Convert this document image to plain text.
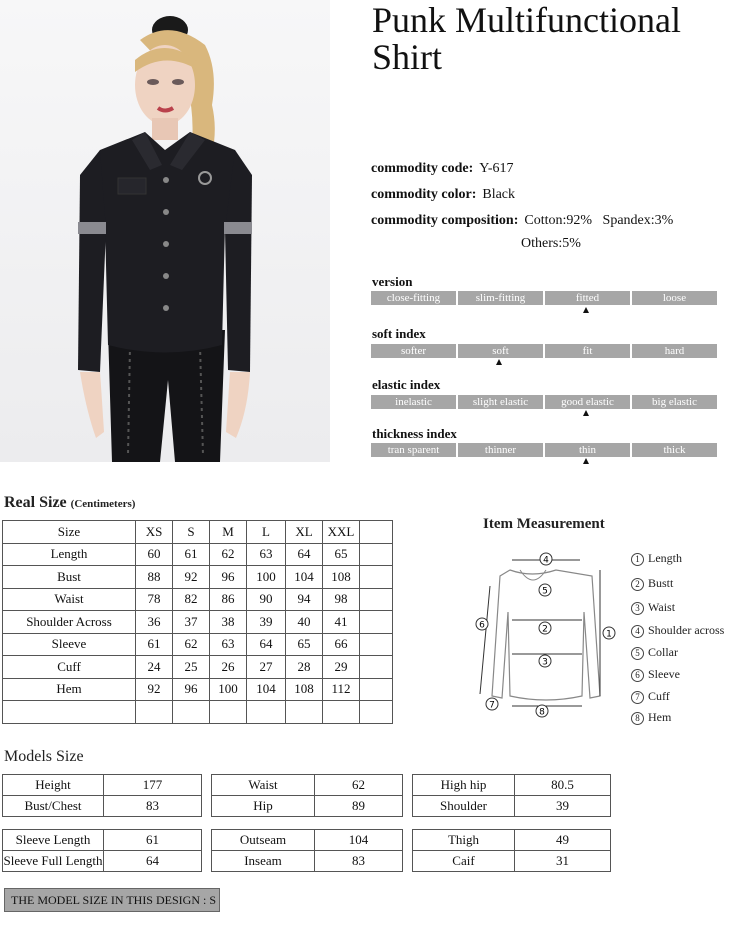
Punk Multifunctional Shirt
commodity code: Y-617
commodity color: Black
commodity composition: Cotton:92%   Spandex:3%
Others:5%
version
close-fitting	slim-fitting	fitted	loose
soft index
softer	soft	fit	hard
elastic index
inelastic	slight elastic	good elastic	big elastic
thickness index
tran sparent	thinner	thin	thick
Real Size (Centimeters)
Size	XS	S	M	L	XL	XXL	
Length	60	61	62	63	64	65	
Bust	88	92	96	100	104	108	
Waist	78	82	86	90	94	98	
Shoulder Across	36	37	38	39	40	41	
Sleeve	61	62	63	64	65	66	
Cuff	24	25	26	27	28	29	
Hem	92	96	100	104	108	112	

Item Measurement
4
5
2
3
8
1
6
7
1 Length
2 Bustt
3 Waist
4 Shoulder across
5 Collar
6 Sleeve
7 Cuff
8 Hem
Models Size
Height	177
Bust/Chest	83
Waist	62
Hip	89
High hip	80.5
Shoulder	39
Sleeve Length	61
Sleeve Full Length	64
Outseam	104
Inseam	83
Thigh	49
Caif	31
THE MODEL SIZE IN THIS DESIGN : S
